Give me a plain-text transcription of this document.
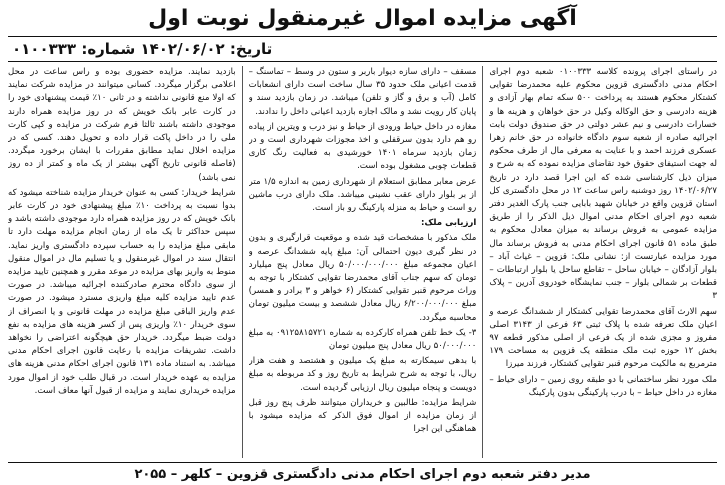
آگهی مزایده اموال غیرمنقول نوبت اول
تاریخ: ۱۴۰۲/۰۶/۰۲ شماره: ۰۱۰۰۳۳۳

در راستای اجرای پرونده کلاسه ۰۱۰۰۳۳۳ شعبه دوم اجرای احکام مدنی دادگستری قزوین محکوم علیه محمدرضا تقوایی کشتکار محکوم هستند به پرداخت ۵۰۰ سکه تمام بهار آزادی و هزینه دادرسی و حق الوکاله وکیل در حق خواهان و هزینه ها و خسارات دادرسی و نیم عشر دولتی در حق صندوق دولت بابت اجرائیه صادره از شعبه سوم دادگاه خانواده در حق خانم زهرا عسکری فرزند احمد و با عنایت به معرفی مال از طرف محکوم له جهت استیفای حقوق خود تقاضای مزایده نموده که به شرح و میزان ذیل کارشناسی شده که این اجرا قصد دارد در تاریخ ۱۴۰۲/۰۶/۲۷ روز دوشنبه راس ساعت ۱۲ در محل دادگستری کل استان قزوین واقع در خیابان شهید بابایی جنب پارک الغدیر دفتر شعبه دوم اجرای احکام مدنی اموال ذیل الذکر را از طریق مزایده عمومی به فروش برساند به میزان معادل محکوم به طبق ماده ۵۱ قانون اجرای احکام مدنی به فروش برساند مال مورد مزایده عبارتست از: نشانی ملک: قزوین – غیاث آباد – بلوار آزادگان – خیابان ساحل – تقاطع ساحل یا بلوار ارتباطات – قطعات بر شمالی بلوار – جنب نمایشگاه خودروی آدرین – پلاک ۳

سهم الارث آقای محمدرضا تقوایی کشتکار از ششدانگ عرصه و اعیان ملک تعرفه شده با پلاک ثبتی ۶۳ فرعی از ۳۱۴۳ اصلی مفروز و مجزی شده از یک فرعی از اصلی مذکور قطعه ۹۷ بخش ۱۲ حوزه ثبت ملک منطقه یک قزوین به مساحت ۱۷۹ مترمربع به مالکیت مرحوم قنبر تقوایی کشتکار، فرزند میرزا

ملک مورد نظر ساختمانی با دو طبقه روی زمین – دارای حیاط – مغازه در داخل حیاط – با درب پارکینگی بدون پارکینگ

مسقف – دارای سازه دیوار باربر و ستون در وسط – تماسنگ – قدمت اعیانی ملک حدود ۳۵ سال ساخت است دارای انشعابات کامل (آب و برق و گاز و تلفن) میباشد. در زمان بازدید سند و پایان کار رویت نشد و مالک اجازه بازدید اعیانی داخل را ندادند.

مغازه در داخل حیاط ورودی از حیاط و نیز درب و ویترین از پیاده رو هم دارد بدون سرقفلی و اخذ مجوزات شهرداری است و در زمان بازدید سرماه ۱۴۰۱ خورشیدی به فعالیت رنگ کاری قطعات چوبی مشغول بوده است.

عرض معابر مطابق استعلام از شهرداری زمین به اندازه ۱/۵ متر از بر بلوار دارای عقب نشینی میباشد. ملک دارای درب ماشین رو است و حیاط به منزله پارکینگ رو باز است.

ارزیابی ملک:

ملک مذکور با مشخصات قید شده و موقعیت قرارگیری و بدون در نظر گیری دیون احتمالی آن: مبلغ پایه ششدانگ عرصه و اعیان مجموعه مبلغ ۵۰/۰۰۰/۰۰۰/۰۰۰ ریال معادل پنج میلیارد تومان که سهم جناب آقای محمدرضا تقوایی کشتکار با توجه به وراث مرحوم قنبر تقوایی کشتکار (۶ خواهر و ۳ برادر و همسر) مبلغ ۶/۲۰۰/۰۰۰/۰۰۰ ریال معادل ششصد و بیست میلیون تومان محاسبه میگردد.

۳- یک خط تلفن همراه کارکرده به شماره ۰۹۱۲۵۸۱۵۷۲۱ به مبلغ ۵۰/۰۰۰/۰۰۰ ریال معادل پنج میلیون تومان

با بدهی سیمکارته به مبلغ یک میلیون و هشتصد و هفت هزار ریال، با توجه به شرح شرایط به تاریخ روز و کد مربوطه به مبلغ دویست و پنجاه میلیون ریال ارزیابی گردیده است.

شرایط مزایده: طالبین و خریداران میتوانند ظرف پنج روز قبل از زمان مزایده از اموال فوق الذکر که مزایده میشود با هماهنگی این اجرا

بازدید نمایند. مزایده حضوری بوده و راس ساعت در محل اعلامی برگزار میگردد. کسانی میتوانند در مزایده شرکت نمایند که اولا منع قانونی نداشته و در ثانی ۱۰٪ قیمت پیشنهادی خود را در کارت عابر بانک خویش که در روز مزایده همراه دارند موجودی داشته باشند ثالثا فرم شرکت در مزایده و کپی کارت ملی را در داخل پاکت قرار داده و تحویل دهند. کسی که در مزایده اخلال نماید مطابق مقررات با ایشان برخورد میگردد. (فاصله قانونی تاریخ آگهی بیشتر از یک ماه و کمتر از ده روز نمی باشد)

شرایط خریدار: کسی به عنوان خریدار مزایده شناخته میشود که بدوا نسبت به پرداخت ۱۰٪ مبلغ پیشنهادی خود در کارت عابر بانک خویش که در روز مزایده همراه دارد موجودی داشته باشد و سپس حداکثر تا یک ماه از زمان انجام مزایده مهلت دارد تا مابقی مبلغ مزایده را به حساب سپرده دادگستری واریز نماید. انتقال سند در اموال غیرمنقول و یا تسلیم مال در اموال منقول منوط به واریز بهای مزایده در موعد مقرر و همچنین تایید مزایده از سوی دادگاه محترم صادرکننده اجرائیه میباشد. در صورت عدم تایید مزایده کلیه مبلغ واریزی مسترد میشود. در صورت عدم واریز الباقی مبلغ مزایده در مهلت قانونی و یا انصراف از سوی خریدار ۱۰٪ واریزی پس از کسر هزینه های مزایده به نفع دولت ضبط میگردد. خریدار حق هیچگونه اعتراضی را نخواهد داشت. تشریفات مزایده با رعایت قانون اجرای احکام مدنی میباشد. به استناد ماده ۱۳۱ قانون اجرای احکام مدنی هزینه های مزایده به عهده خریدار است. در قبال طلب خود از اموال مورد مزایده خریداری نمایند و مزایده از قبول آنها معاف است.

مدیر دفتر شعبه دوم اجرای احکام مدنی دادگستری قزوین – کلهر – ۲۰۵۵
